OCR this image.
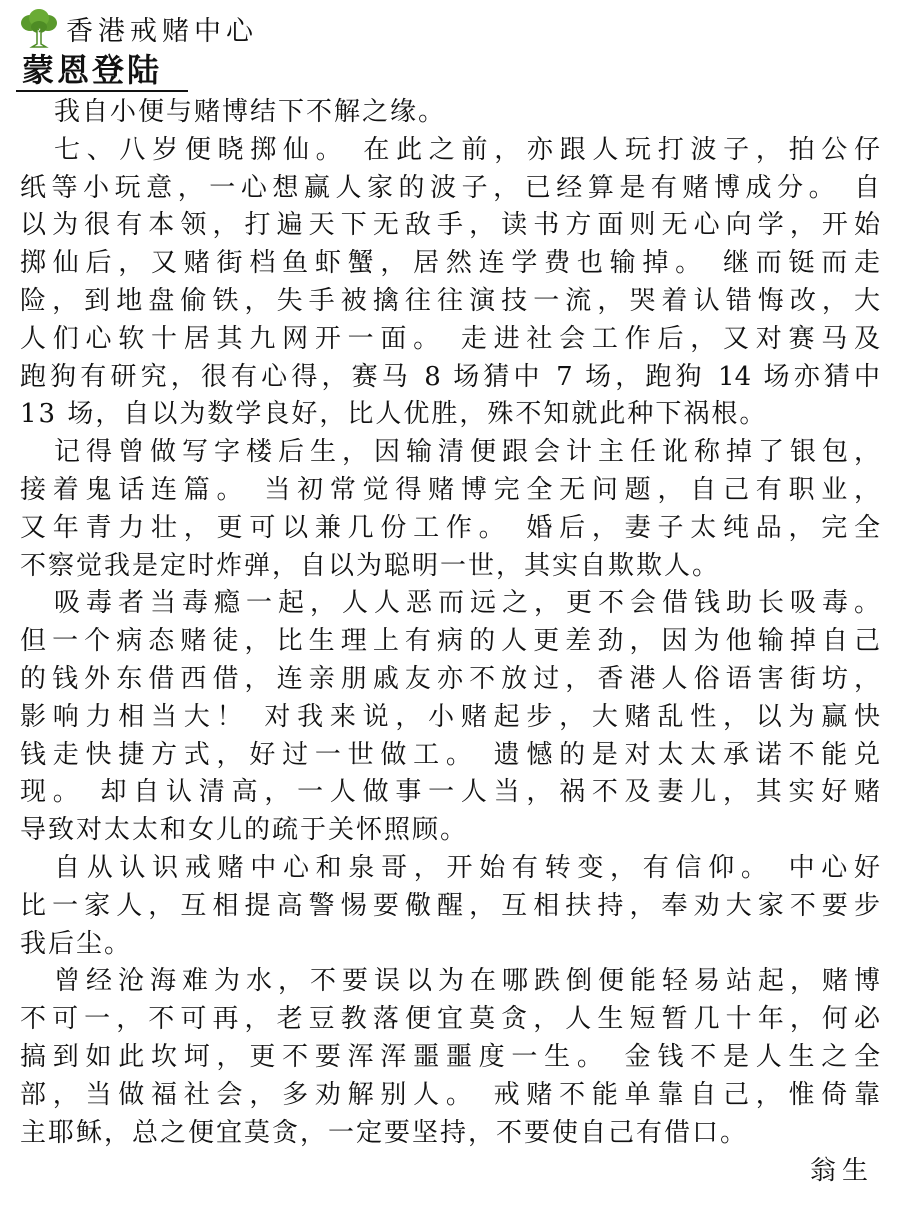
香港戒赌中心
蒙恩登陆
我自小便与赌博结下不解之缘。
七、八岁便晓掷仙。 在此之前，亦跟人玩打波子，拍公仔
纸等小玩意，一心想赢人家的波子，已经算是有赌博成分。 自
以为很有本领，打遍天下无敌手，读书方面则无心向学，开始
掷仙后，又赌街档鱼虾蟹，居然连学费也输掉。 继而铤而走
险，到地盘偷铁，失手被擒往往演技一流，哭着认错悔改，大
人们心软十居其九网开一面。 走进社会工作后，又对赛马及
跑狗有研究，很有心得，赛马 8 场猜中 7 场，跑狗 14 场亦猜中
13 场，自以为数学良好，比人优胜，殊不知就此种下祸根。
记得曾做写字楼后生，因输清便跟会计主任讹称掉了银包，
接着鬼话连篇。 当初常觉得赌博完全无问题，自己有职业，
又年青力壮，更可以兼几份工作。 婚后，妻子太纯品，完全
不察觉我是定时炸弹，自以为聪明一世，其实自欺欺人。
吸毒者当毒瘾一起，人人恶而远之，更不会借钱助长吸毒。
但一个病态赌徒，比生理上有病的人更差劲，因为他输掉自己
的钱外东借西借，连亲朋戚友亦不放过，香港人俗语害街坊，
影响力相当大！ 对我来说，小赌起步，大赌乱性，以为赢快
钱走快捷方式，好过一世做工。 遗憾的是对太太承诺不能兑
现。 却自认清高，一人做事一人当，祸不及妻儿，其实好赌
导致对太太和女儿的疏于关怀照顾。
自从认识戒赌中心和泉哥，开始有转变，有信仰。 中心好
比一家人，互相提高警惕要儆醒，互相扶持，奉劝大家不要步
我后尘。
曾经沧海难为水，不要误以为在哪跌倒便能轻易站起，赌博
不可一，不可再，老豆教落便宜莫贪，人生短暂几十年，何必
搞到如此坎坷，更不要浑浑噩噩度一生。 金钱不是人生之全
部，当做福社会，多劝解别人。 戒赌不能单靠自己，惟倚靠
主耶稣，总之便宜莫贪，一定要坚持，不要使自己有借口。
翁生
